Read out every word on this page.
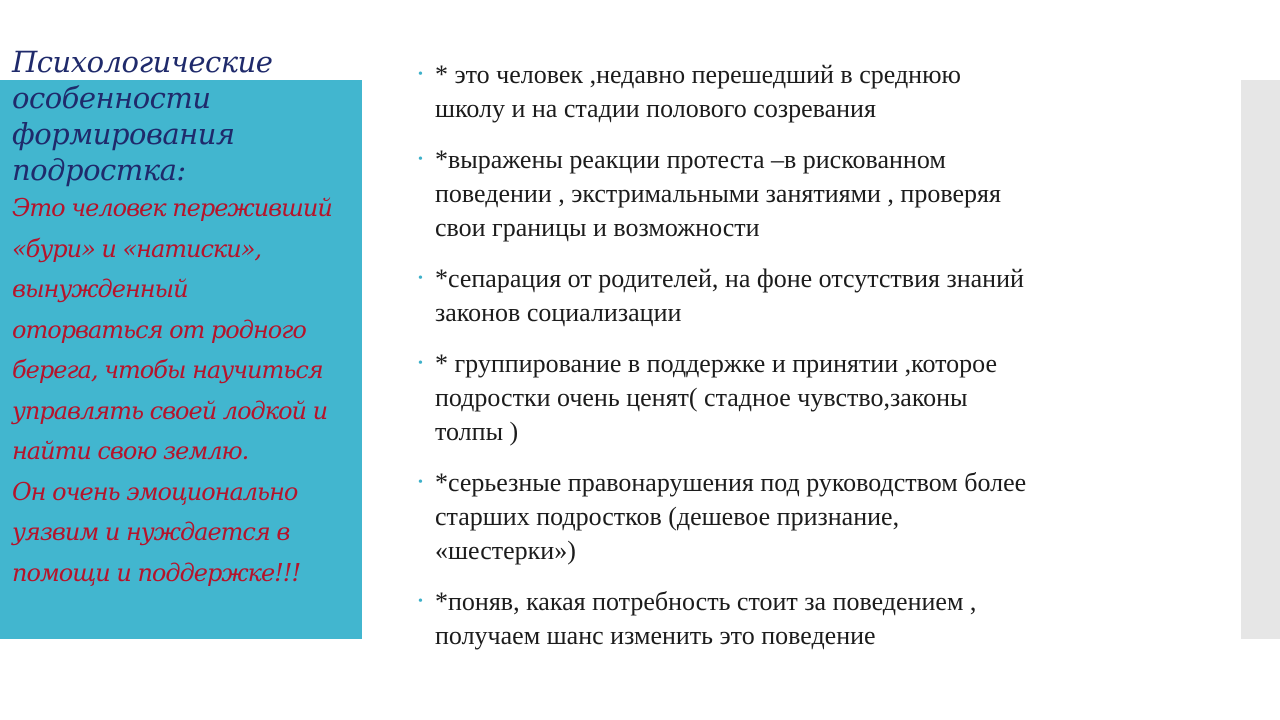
Психологические
особенности
формирования
подростка:
Это человек переживший
«бури» и «натиски»,
вынужденный
оторваться от родного
берега, чтобы научиться
управлять своей лодкой и
найти свою землю.
Он очень эмоционально
уязвим и нуждается в
помощи и поддержке!!!
• * это человек ,недавно перешедший в среднюю
школу и на стадии полового созревания
• *выражены реакции протеста –в рискованном
поведении , экстримальными занятиями , проверяя
свои границы и возможности
• *сепарация от родителей, на фоне отсутствия знаний
законов социализации
• * группирование в поддержке и принятии ,которое
подростки очень ценят( стадное чувство,законы
толпы )
• *серьезные правонарушения под руководством более
старших подростков (дешевое признание,
«шестерки»)
• *поняв, какая потребность стоит за поведением ,
получаем шанс изменить это поведение
